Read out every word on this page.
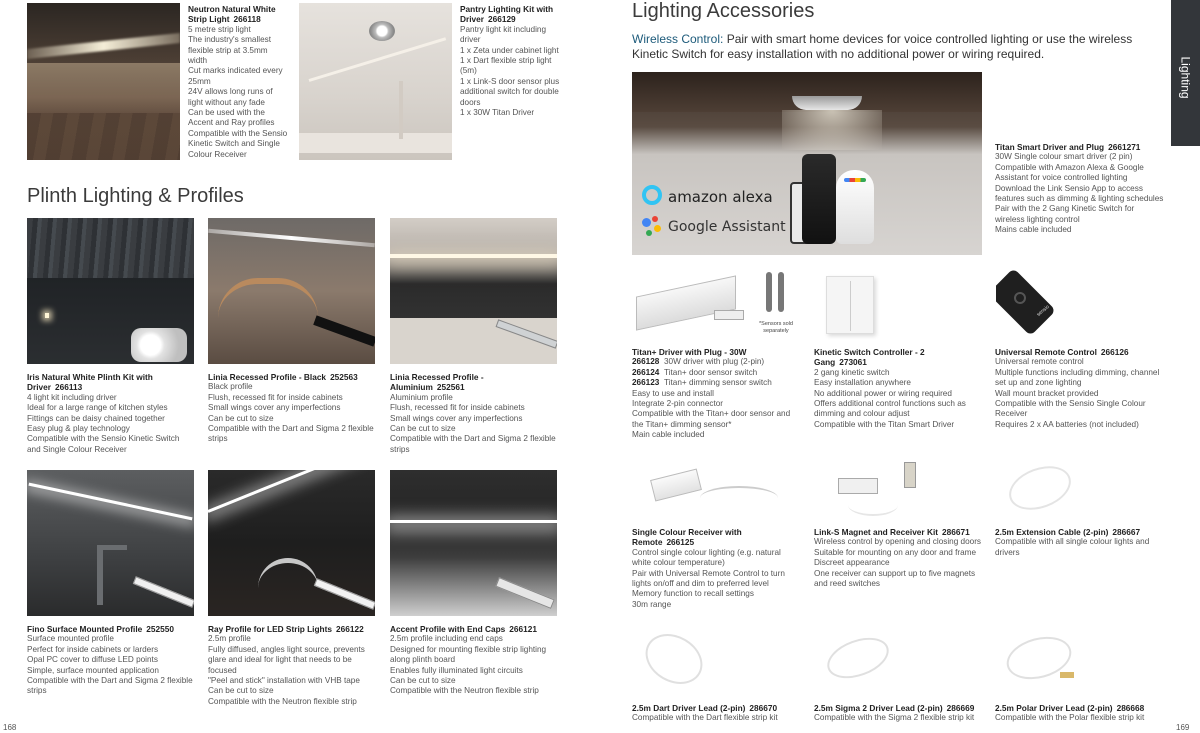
Neutron Natural White Strip Light 266118
5 metre strip light
The industry's smallest flexible strip at 3.5mm width
Cut marks indicated every 25mm
24V allows long runs of light without any fade
Can be used with the Accent and Ray profiles
Compatible with the Sensio Kinetic Switch and Single Colour Receiver
Pantry Lighting Kit with Driver 266129
Pantry light kit including driver
1 x Zeta under cabinet light
1 x Dart flexible strip light (5m)
1 x Link-S door sensor plus additional switch for double doors
1 x 30W Titan Driver
Plinth Lighting & Profiles
Iris Natural White Plinth Kit with Driver 266113
4 light kit including driver
Ideal for a large range of kitchen styles
Fittings can be daisy chained together
Easy plug & play technology
Compatible with the Sensio Kinetic Switch and Single Colour Receiver
Linia Recessed Profile - Black 252563
Black profile
Flush, recessed fit for inside cabinets
Small wings cover any imperfections
Can be cut to size
Compatible with the Dart and Sigma 2 flexible strips
Linia Recessed Profile - Aluminium 252561
Aluminium profile
Flush, recessed fit for inside cabinets
Small wings cover any imperfections
Can be cut to size
Compatible with the Dart and Sigma 2 flexible strips
Fino Surface Mounted Profile 252550
Surface mounted profile
Perfect for inside cabinets or larders
Opal PC cover to diffuse LED points
Simple, surface mounted application
Compatible with the Dart and Sigma 2 flexible strips
Ray Profile for LED Strip Lights 266122
2.5m profile
Fully diffused, angles light source, prevents glare and ideal for light that needs to be focused
"Peel and stick" installation with VHB tape
Can be cut to size
Compatible with the Neutron flexible strip
Accent Profile with End Caps 266121
2.5m profile including end caps
Designed for mounting flexible strip lighting along plinth board
Enables fully illuminated light circuits
Can be cut to size
Compatible with the Neutron flexible strip
168
Lighting Accessories
Lighting
Wireless Control: Pair with smart home devices for voice controlled lighting or use the wireless Kinetic Switch for easy installation with no additional power or wiring required.
amazon alexa
Google Assistant
Titan Smart Driver and Plug 2661271
30W Single colour smart driver (2 pin)
Compatible with Amazon Alexa & Google Assistant for voice controlled lighting
Download the Link Sensio App to access features such as dimming & lighting schedules
Pair with the 2 Gang Kinetic Switch for wireless lighting control
Mains cable included
*Sensors sold separately
sensio
Titan+ Driver with Plug - 30W
266128 30W driver with plug (2-pin)
266124 Titan+ door sensor switch
266123 Titan+ dimming sensor switch
Easy to use and install
Integrate 2-pin connector
Compatible with the Titan+ door sensor and the Titan+ dimming sensor*
Main cable included
Kinetic Switch Controller - 2 Gang 273061
2 gang kinetic switch
Easy installation anywhere
No additional power or wiring required
Offers additional control functions such as dimming and colour adjust
Compatible with the Titan Smart Driver
Universal Remote Control 266126
Universal remote control
Multiple functions including dimming, channel set up and zone lighting
Wall mount bracket provided
Compatible with the Sensio Single Colour Receiver
Requires 2 x AA batteries (not included)
Single Colour Receiver with Remote 266125
Control single colour lighting (e.g. natural white colour temperature)
Pair with Universal Remote Control to turn lights on/off and dim to preferred level
Memory function to recall settings
30m range
Link-S Magnet and Receiver Kit 286671
Wireless control by opening and closing doors
Suitable for mounting on any door and frame
Discreet appearance
One receiver can support up to five magnets and reed switches
2.5m Extension Cable (2-pin) 286667
Compatible with all single colour lights and drivers
2.5m Dart Driver Lead (2-pin) 286670
Compatible with the Dart flexible strip kit
2.5m Sigma 2 Driver Lead (2-pin) 286669
Compatible with the Sigma 2 flexible strip kit
2.5m Polar Driver Lead (2-pin) 286668
Compatible with the Polar flexible strip kit
169
